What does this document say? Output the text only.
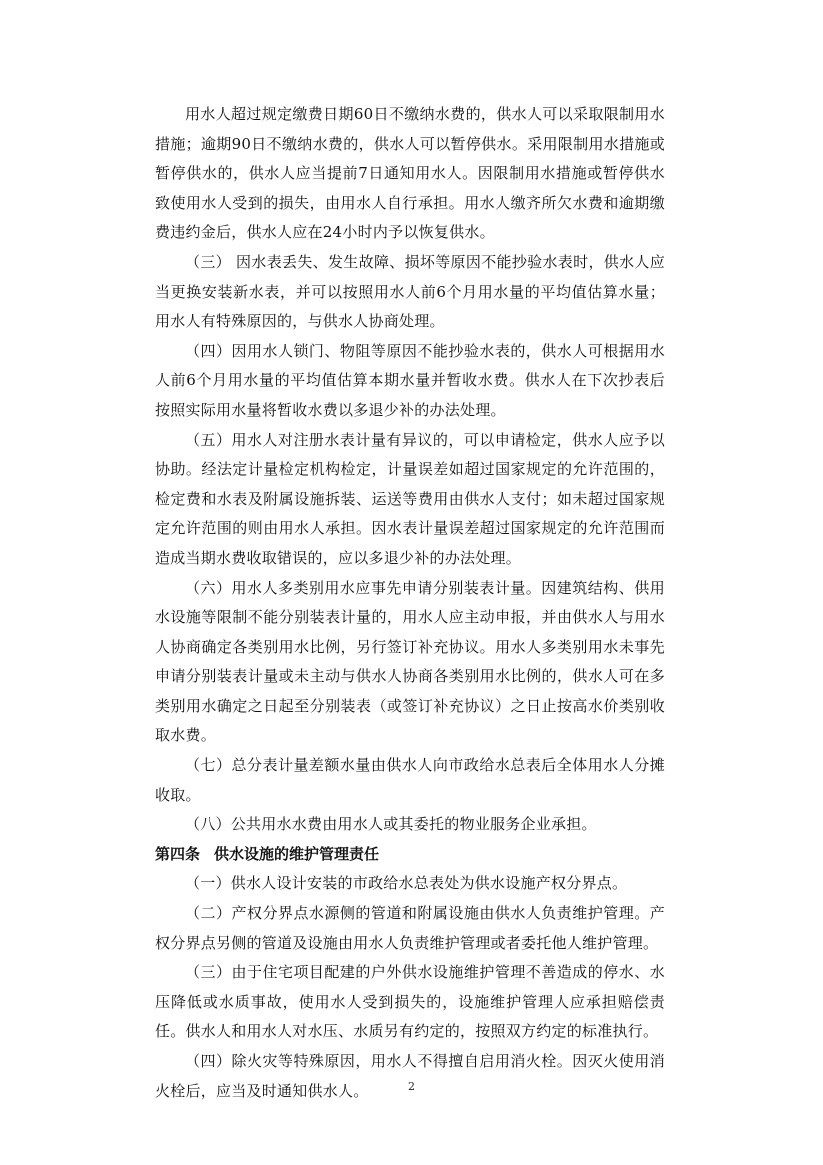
用水人超过规定缴费日期60日不缴纳水费的，供水人可以采取限制用水措施；逾期90日不缴纳水费的，供水人可以暂停供水。采用限制用水措施或暂停供水的，供水人应当提前7日通知用水人。因限制用水措施或暂停供水致使用水人受到的损失，由用水人自行承担。用水人缴齐所欠水费和逾期缴费违约金后，供水人应在24小时内予以恢复供水。

（三） 因水表丢失、发生故障、损坏等原因不能抄验水表时，供水人应当更换安装新水表，并可以按照用水人前6个月用水量的平均值估算水量；用水人有特殊原因的，与供水人协商处理。

（四）因用水人锁门、物阻等原因不能抄验水表的，供水人可根据用水人前6个月用水量的平均值估算本期水量并暂收水费。供水人在下次抄表后按照实际用水量将暂收水费以多退少补的办法处理。

（五）用水人对注册水表计量有异议的，可以申请检定，供水人应予以协助。经法定计量检定机构检定，计量误差如超过国家规定的允许范围的，检定费和水表及附属设施拆装、运送等费用由供水人支付；如未超过国家规定允许范围的则由用水人承担。因水表计量误差超过国家规定的允许范围而造成当期水费收取错误的，应以多退少补的办法处理。

（六）用水人多类别用水应事先申请分别装表计量。因建筑结构、供用水设施等限制不能分别装表计量的，用水人应主动申报，并由供水人与用水人协商确定各类别用水比例，另行签订补充协议。用水人多类别用水未事先申请分别装表计量或未主动与供水人协商各类别用水比例的，供水人可在多类别用水确定之日起至分别装表（或签订补充协议）之日止按高水价类别收取水费。

（七）总分表计量差额水量由供水人向市政给水总表后全体用水人分摊收取。

（八）公共用水水费由用水人或其委托的物业服务企业承担。

第四条 供水设施的维护管理责任

（一）供水人设计安装的市政给水总表处为供水设施产权分界点。

（二）产权分界点水源侧的管道和附属设施由供水人负责维护管理。产权分界点另侧的管道及设施由用水人负责维护管理或者委托他人维护管理。

（三）由于住宅项目配建的户外供水设施维护管理不善造成的停水、水压降低或水质事故，使用水人受到损失的，设施维护管理人应承担赔偿责任。供水人和用水人对水压、水质另有约定的，按照双方约定的标准执行。

（四）除火灾等特殊原因，用水人不得擅自启用消火栓。因灭火使用消火栓后，应当及时通知供水人。	2
